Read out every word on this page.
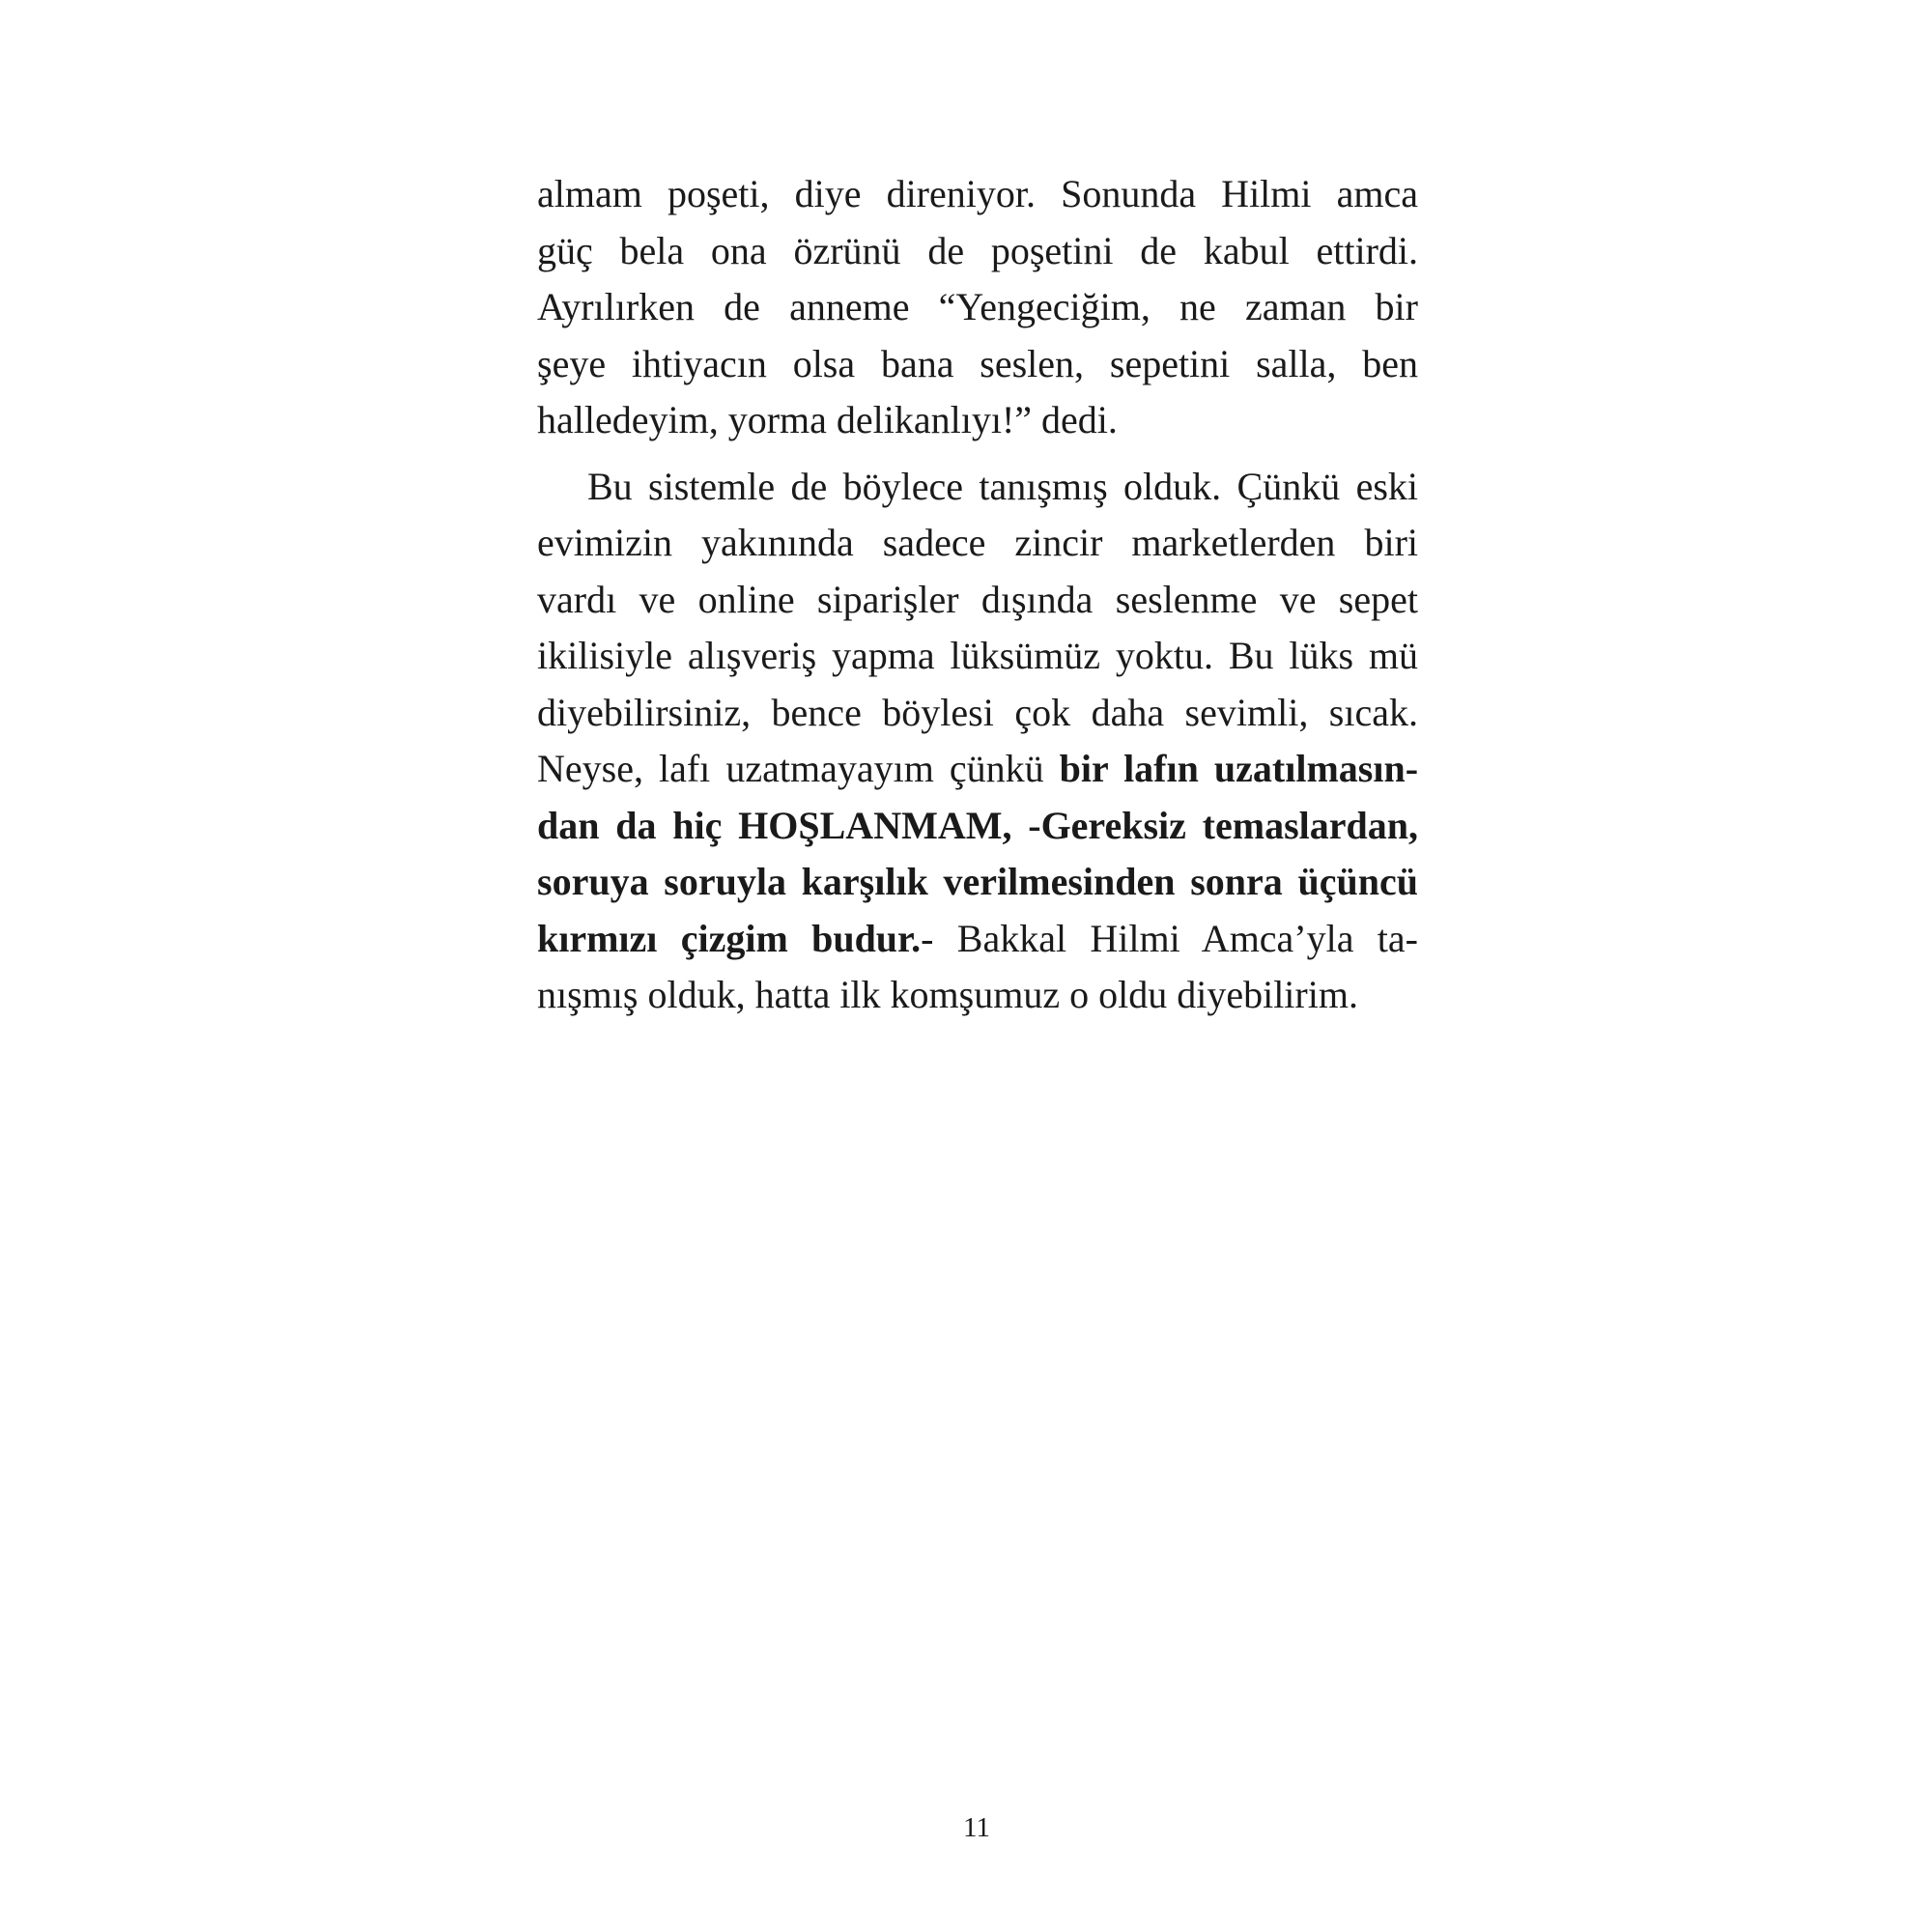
almam poşeti, diye direniyor. Sonunda Hilmi amca
güç bela ona özrünü de poşetini de kabul ettirdi.
Ayrılırken de anneme “Yengeciğim, ne zaman bir
şeye ihtiyacın olsa bana seslen, sepetini salla, ben
halledeyim, yorma delikanlıyı!” dedi.
Bu sistemle de böylece tanışmış olduk. Çünkü eski
evimizin yakınında sadece zincir marketlerden biri
vardı ve online siparişler dışında seslenme ve sepet
ikilisiyle alışveriş yapma lüksümüz yoktu. Bu lüks mü
diyebilirsiniz, bence böylesi çok daha sevimli, sıcak.
Neyse, lafı uzatmayayım çünkü bir lafın uzatılmasın-
dan da hiç HOŞLANMAM, -Gereksiz temaslardan,
soruya soruyla karşılık verilmesinden sonra üçüncü
kırmızı çizgim budur.- Bakkal Hilmi Amca’yla ta-
nışmış olduk, hatta ilk komşumuz o oldu diyebilirim.
11
